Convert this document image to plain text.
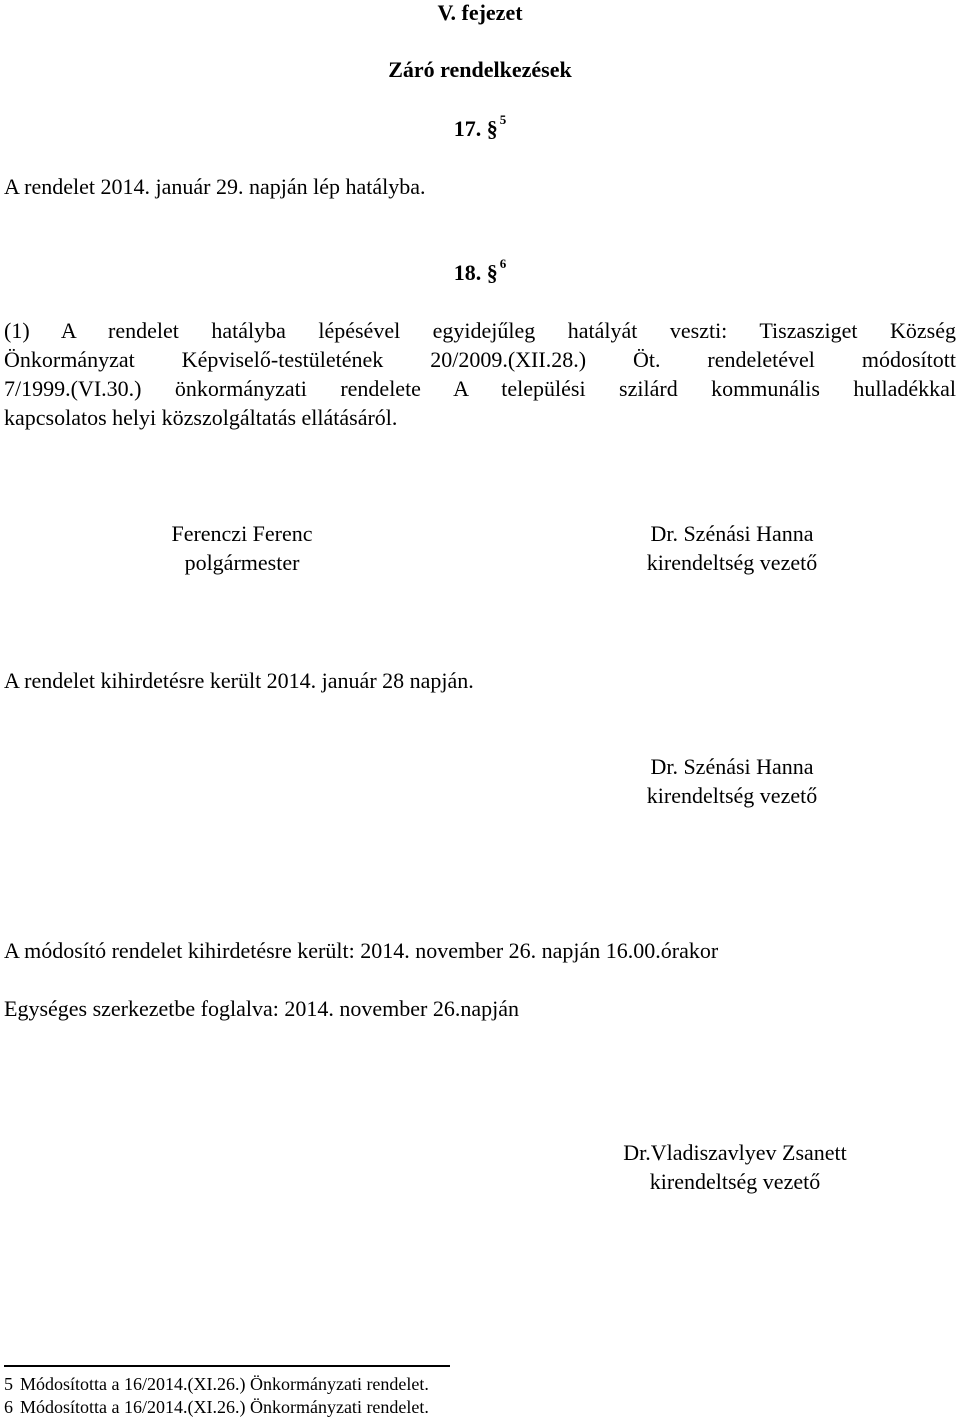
V. fejezet
Záró rendelkezések
17. § $^5$
A rendelet 2014. január 29. napján lép hatályba.
18. § $^6$
(1) A rendelet hatályba lépésével egyidejűleg hatályát veszti: Tiszasziget Község
Önkormányzat Képviselő-testületének 20/2009.(XII.28.) Öt. rendeletével módosított
7/1999.(VI.30.) önkormányzati rendelete A települési szilárd kommunális hulladékkal
kapcsolatos helyi közszolgáltatás ellátásáról.
Ferenczi Ferenc
polgármester
Dr. Szénási Hanna
kirendeltség vezető
A rendelet kihirdetésre került 2014. január 28 napján.
Dr. Szénási Hanna
kirendeltség vezető
A módosító rendelet kihirdetésre került: 2014. november 26. napján 16.00.órakor
Egységes szerkezetbe foglalva: 2014. november 26.napján
Dr.Vladiszavlyev Zsanett
kirendeltség vezető
5 Módosította a 16/2014.(XI.26.) Önkormányzati rendelet.
6 Módosította a 16/2014.(XI.26.) Önkormányzati rendelet.
